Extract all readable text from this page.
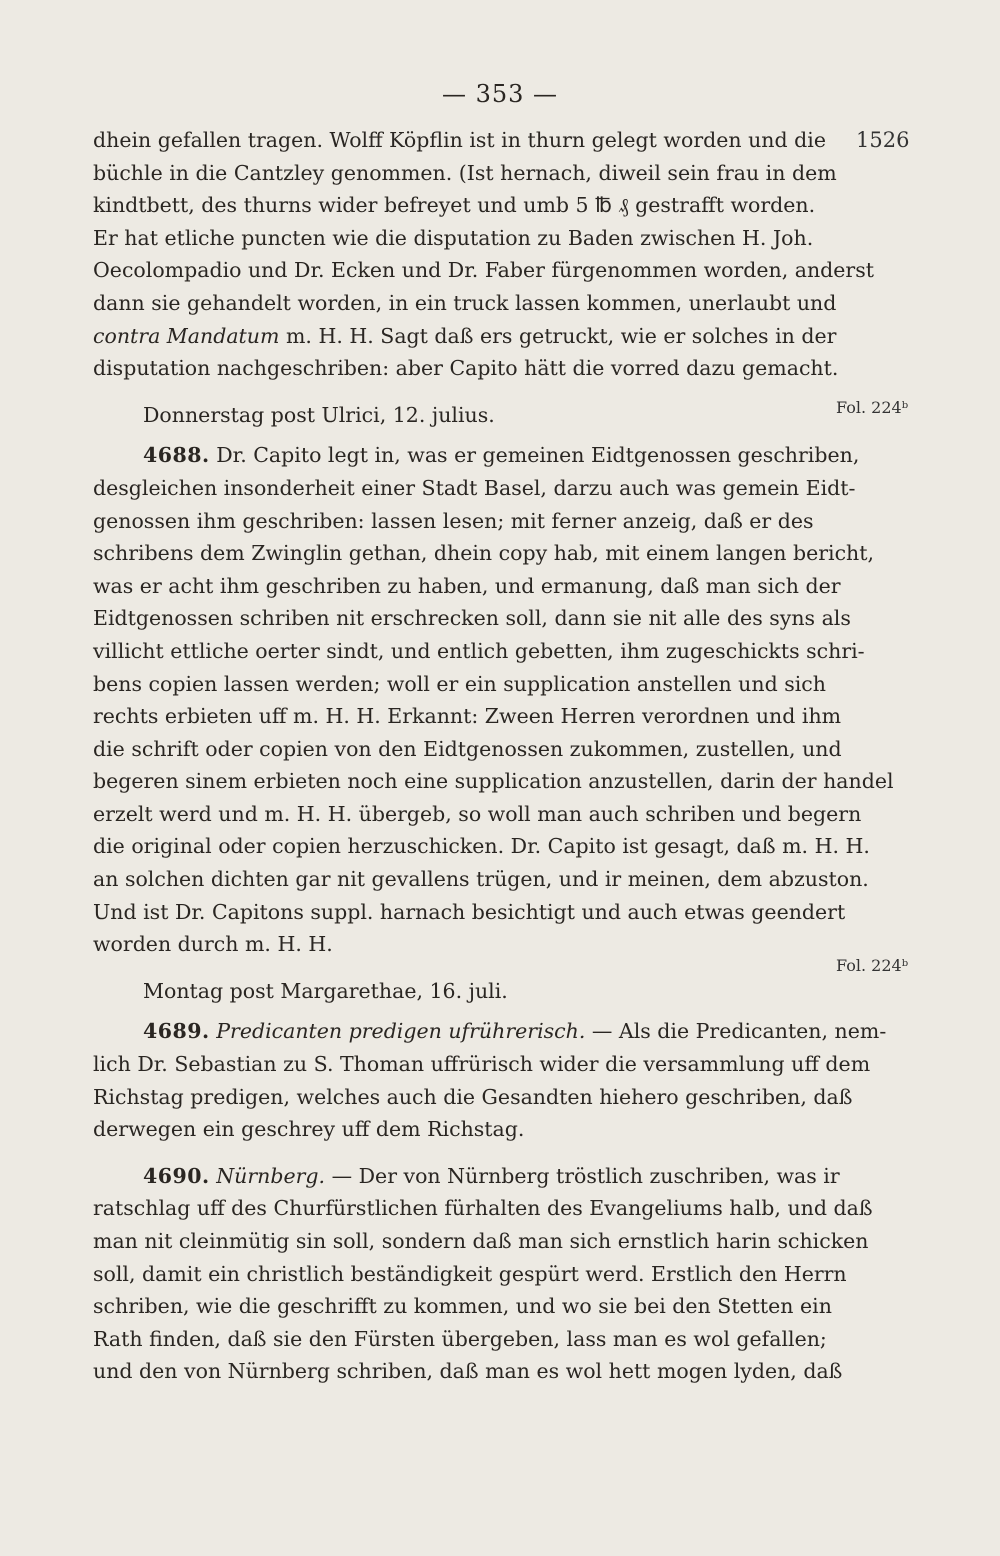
— 353 —
1526
Fol. 224ᵇ
Fol. 224ᵇ
dhein gefallen tragen. Wolff Köpflin ist in thurn gelegt worden und die
büchle in die Cantzley genommen. (Ist hernach, diweil sein frau in dem
kindtbett, des thurns wider befreyet und umb 5 ℔ ₰ gestrafft worden.
Er hat etliche puncten wie die disputation zu Baden zwischen H. Joh.
Oecolompadio und Dr. Ecken und Dr. Faber fürgenommen worden, anderst
dann sie gehandelt worden, in ein truck lassen kommen, unerlaubt und
contra Mandatum m. H. H. Sagt daß ers getruckt, wie er solches in der
disputation nachgeschriben: aber Capito hätt die vorred dazu gemacht.
Donnerstag post Ulrici, 12. julius.
4688. Dr. Capito legt in, was er gemeinen Eidtgenossen geschriben,
desgleichen insonderheit einer Stadt Basel, darzu auch was gemein Eidt-
genossen ihm geschriben: lassen lesen; mit ferner anzeig, daß er des
schribens dem Zwinglin gethan, dhein copy hab, mit einem langen bericht,
was er acht ihm geschriben zu haben, und ermanung, daß man sich der
Eidtgenossen schriben nit erschrecken soll, dann sie nit alle des syns als
villicht ettliche oerter sindt, und entlich gebetten, ihm zugeschickts schri-
bens copien lassen werden; woll er ein supplication anstellen und sich
rechts erbieten uff m. H. H. Erkannt: Zween Herren verordnen und ihm
die schrift oder copien von den Eidtgenossen zukommen, zustellen, und
begeren sinem erbieten noch eine supplication anzustellen, darin der handel
erzelt werd und m. H. H. übergeb, so woll man auch schriben und begern
die original oder copien herzuschicken. Dr. Capito ist gesagt, daß m. H. H.
an solchen dichten gar nit gevallens trügen, und ir meinen, dem abzuston.
Und ist Dr. Capitons suppl. harnach besichtigt und auch etwas geendert
worden durch m. H. H.
Montag post Margarethae, 16. juli.
4689. Predicanten predigen ufrührerisch. — Als die Predicanten, nem-
lich Dr. Sebastian zu S. Thoman uffrürisch wider die versammlung uff dem
Richstag predigen, welches auch die Gesandten hiehero geschriben, daß
derwegen ein geschrey uff dem Richstag.
4690. Nürnberg. — Der von Nürnberg tröstlich zuschriben, was ir
ratschlag uff des Churfürstlichen fürhalten des Evangeliums halb, und daß
man nit cleinmütig sin soll, sondern daß man sich ernstlich harin schicken
soll, damit ein christlich beständigkeit gespürt werd. Erstlich den Herrn
schriben, wie die geschrifft zu kommen, und wo sie bei den Stetten ein
Rath finden, daß sie den Fürsten übergeben, lass man es wol gefallen;
und den von Nürnberg schriben, daß man es wol hett mogen lyden, daß
